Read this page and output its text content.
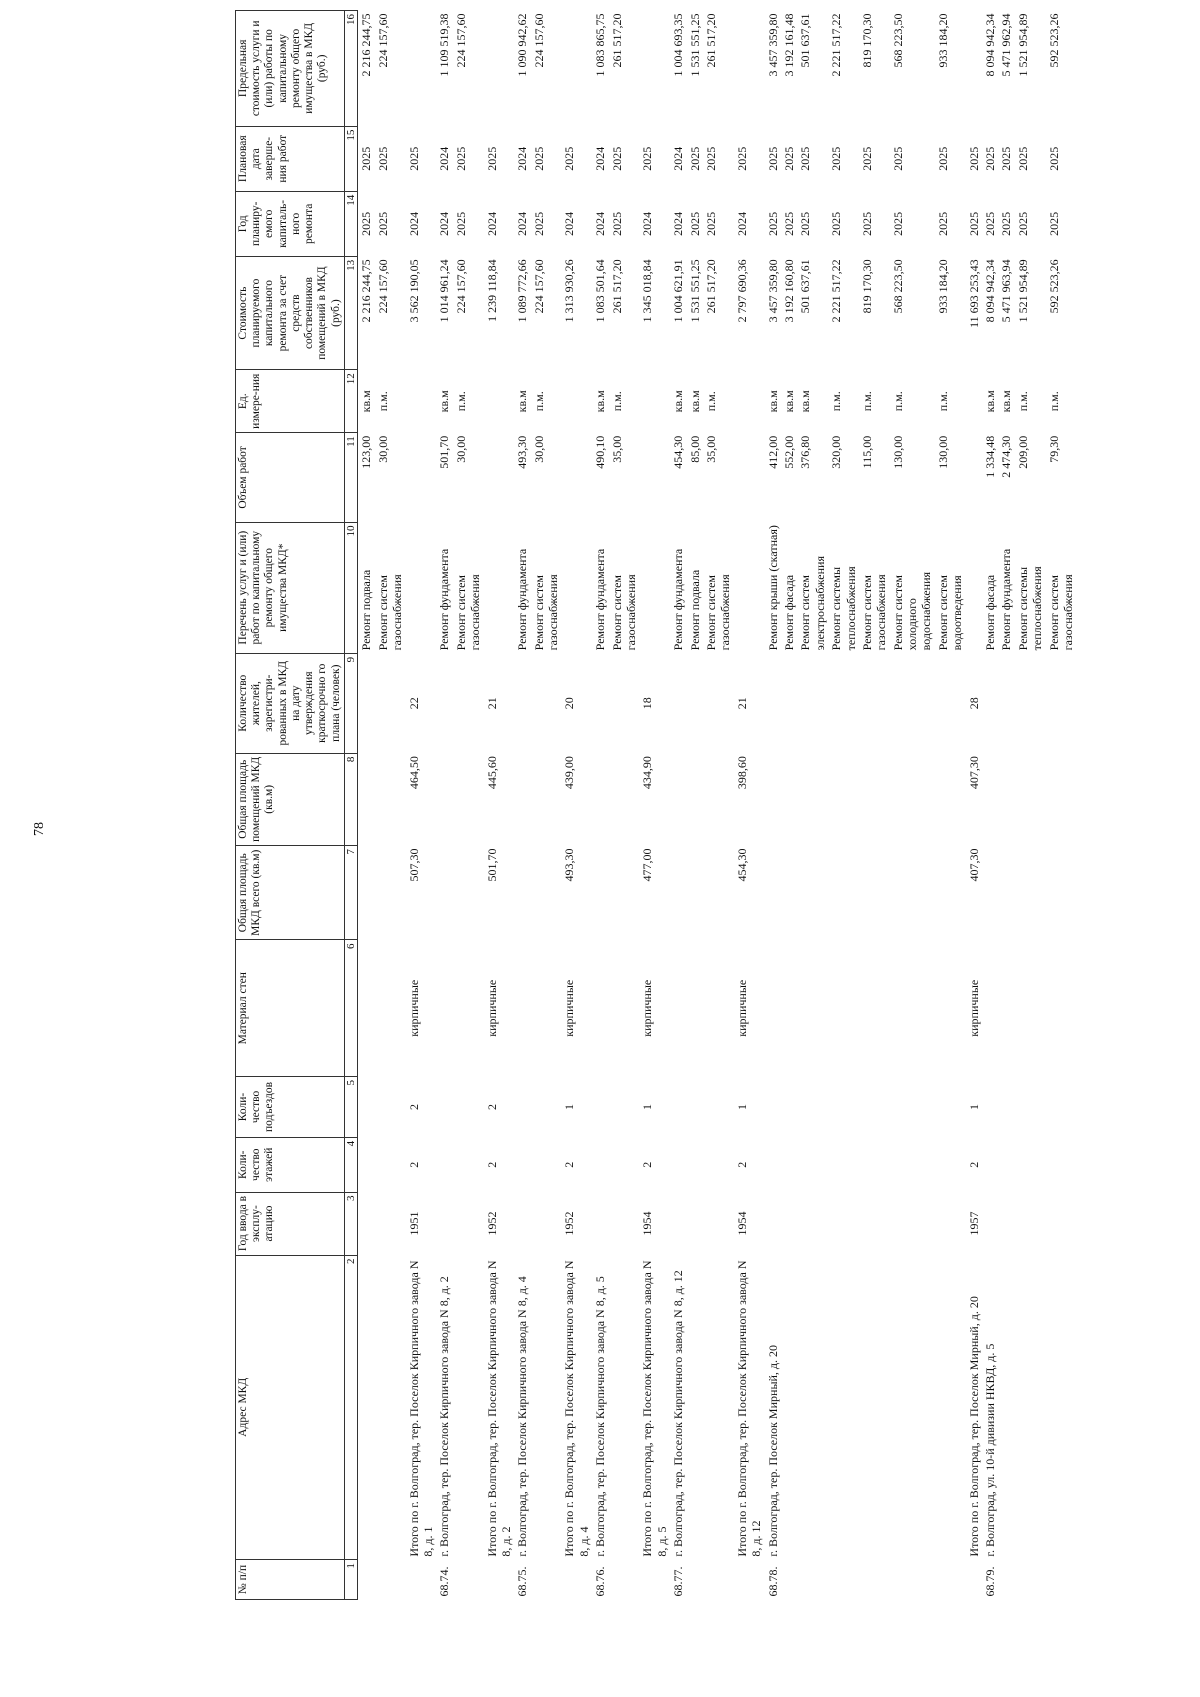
78
№ п/п	Адрес МКД	Год ввода в эксплу-атацию	Коли-чество этажей	Коли-чество подъездов	Материал стен	Общая площадь МКД всего (кв.м)	Общая площадь помещений МКД (кв.м)	Количество жителей, зарегистри-рованных в МКД на дату утверждения краткосрочно го плана (человек)	Перечень услуг и (или) работ по капитальному ремонту общего имущества МКД*	Объем работ	Ед. измере-ния	Стоимость планируемого капитального ремонта за счет средств собственников помещений в МКД (руб.)	Год планиру-емого капиталь-ного ремонта	Плановая дата заверше-ния работ	Предельная стоимость услуги и (или) работы по капитальному ремонту общего имущества в МКД (руб.)
1	2	3	4	5	6	7	8	9	10	11	12	13	14	15	16
									Ремонт подвала	123,00	кв.м	2 216 244,75	2025	2025	2 216 244,75
									Ремонт систем газоснабжения	30,00	п.м.	224 157,60	2025	2025	224 157,60
	Итого по г. Волгоград, тер. Поселок Кирпичного завода N 8, д. 1	1951	2	2	кирпичные	507,30	464,50	22				3 562 190,05	2024	2025	
68.74.	г. Волгоград, тер. Поселок Кирпичного завода N 8, д. 2								Ремонт фундамента	501,70	кв.м	1 014 961,24	2024	2024	1 109 519,38
									Ремонт систем газоснабжения	30,00	п.м.	224 157,60	2025	2025	224 157,60
	Итого по г. Волгоград, тер. Поселок Кирпичного завода N 8, д. 2	1952	2	2	кирпичные	501,70	445,60	21				1 239 118,84	2024	2025	
68.75.	г. Волгоград, тер. Поселок Кирпичного завода N 8, д. 4								Ремонт фундамента	493,30	кв.м	1 089 772,66	2024	2024	1 090 942,62
									Ремонт систем газоснабжения	30,00	п.м.	224 157,60	2025	2025	224 157,60
	Итого по г. Волгоград, тер. Поселок Кирпичного завода N 8, д. 4	1952	2	1	кирпичные	493,30	439,00	20				1 313 930,26	2024	2025	
68.76.	г. Волгоград, тер. Поселок Кирпичного завода N 8, д. 5								Ремонт фундамента	490,10	кв.м	1 083 501,64	2024	2024	1 083 865,75
									Ремонт систем газоснабжения	35,00	п.м.	261 517,20	2025	2025	261 517,20
	Итого по г. Волгоград, тер. Поселок Кирпичного завода N 8, д. 5	1954	2	1	кирпичные	477,00	434,90	18				1 345 018,84	2024	2025	
68.77.	г. Волгоград, тер. Поселок Кирпичного завода N 8, д. 12								Ремонт фундамента	454,30	кв.м	1 004 621,91	2024	2024	1 004 693,35
									Ремонт подвала	85,00	кв.м	1 531 551,25	2025	2025	1 531 551,25
									Ремонт систем газоснабжения	35,00	п.м.	261 517,20	2025	2025	261 517,20
	Итого по г. Волгоград, тер. Поселок Кирпичного завода N 8, д. 12	1954	2	1	кирпичные	454,30	398,60	21				2 797 690,36	2024	2025	
68.78.	г. Волгоград, тер. Поселок Мирный, д. 20								Ремонт крыши (скатная)	412,00	кв.м	3 457 359,80	2025	2025	3 457 359,80
									Ремонт фасада	552,00	кв.м	3 192 160,80	2025	2025	3 192 161,48
									Ремонт систем электроснабжения	376,80	кв.м	501 637,61	2025	2025	501 637,61
									Ремонт системы теплоснабжения	320,00	п.м.	2 221 517,22	2025	2025	2 221 517,22
									Ремонт систем газоснабжения	115,00	п.м.	819 170,30	2025	2025	819 170,30
									Ремонт систем холодного водоснабжения	130,00	п.м.	568 223,50	2025	2025	568 223,50
									Ремонт систем водоотведения	130,00	п.м.	933 184,20	2025	2025	933 184,20
	Итого по г. Волгоград, тер. Поселок Мирный, д. 20	1957	2	1	кирпичные	407,30	407,30	28				11 693 253,43	2025	2025	
68.79.	г. Волгоград, ул. 10-й дивизии НКВД, д. 5								Ремонт фасада	1 334,48	кв.м	8 094 942,34	2025	2025	8 094 942,34
									Ремонт фундамента	2 474,30	кв.м	5 471 963,94	2025	2025	5 471 962,94
									Ремонт системы теплоснабжения	209,00	п.м.	1 521 954,89	2025	2025	1 521 954,89
									Ремонт систем газоснабжения	79,30	п.м.	592 523,26	2025	2025	592 523,26
